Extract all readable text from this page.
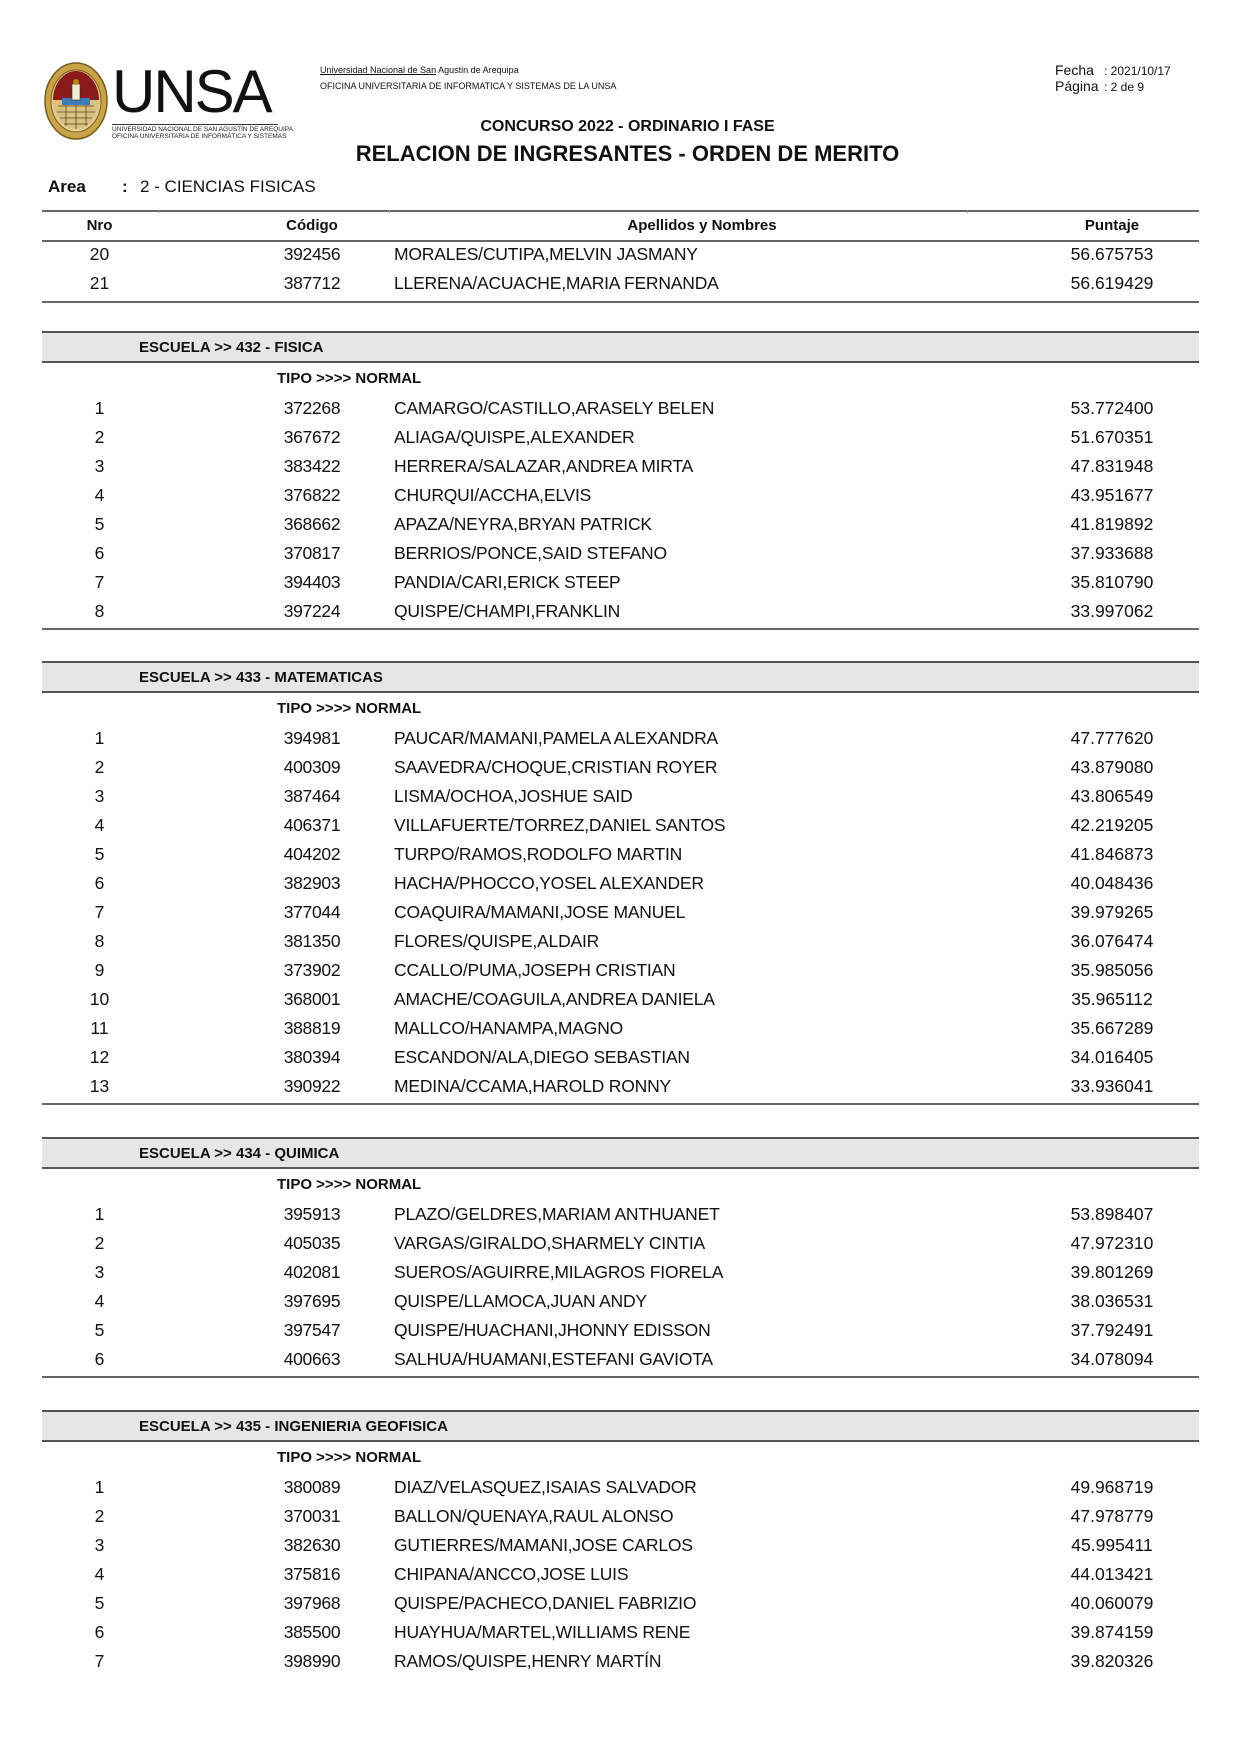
UNSA
UNIVERSIDAD NACIONAL DE SAN AGUSTÍN DE AREQUIPA
OFICINA UNIVERSITARIA DE INFORMÁTICA Y SISTEMAS
Universidad Nacional de San Agustin de Arequipa
OFICINA UNIVERSITARIA DE INFORMATICA Y SISTEMAS DE LA UNSA
Fecha : 2021/10/17
Página : 2 de 9
CONCURSO 2022 - ORDINARIO I FASE
RELACION DE INGRESANTES - ORDEN DE MERITO
Area : 2 - CIENCIAS FISICAS
Nro	Código	Apellidos y Nombres	Puntaje
20	392456	MORALES/CUTIPA,MELVIN JASMANY	56.675753
21	387712	LLERENA/ACUACHE,MARIA FERNANDA	56.619429
ESCUELA >> 432 - FISICA
TIPO >>>> NORMAL
1	372268	CAMARGO/CASTILLO,ARASELY BELEN	53.772400
2	367672	ALIAGA/QUISPE,ALEXANDER	51.670351
3	383422	HERRERA/SALAZAR,ANDREA MIRTA	47.831948
4	376822	CHURQUI/ACCHA,ELVIS	43.951677
5	368662	APAZA/NEYRA,BRYAN PATRICK	41.819892
6	370817	BERRIOS/PONCE,SAID STEFANO	37.933688
7	394403	PANDIA/CARI,ERICK STEEP	35.810790
8	397224	QUISPE/CHAMPI,FRANKLIN	33.997062
ESCUELA >> 433 - MATEMATICAS
TIPO >>>> NORMAL
1	394981	PAUCAR/MAMANI,PAMELA ALEXANDRA	47.777620
2	400309	SAAVEDRA/CHOQUE,CRISTIAN ROYER	43.879080
3	387464	LISMA/OCHOA,JOSHUE SAID	43.806549
4	406371	VILLAFUERTE/TORREZ,DANIEL SANTOS	42.219205
5	404202	TURPO/RAMOS,RODOLFO MARTIN	41.846873
6	382903	HACHA/PHOCCO,YOSEL ALEXANDER	40.048436
7	377044	COAQUIRA/MAMANI,JOSE MANUEL	39.979265
8	381350	FLORES/QUISPE,ALDAIR	36.076474
9	373902	CCALLO/PUMA,JOSEPH CRISTIAN	35.985056
10	368001	AMACHE/COAGUILA,ANDREA DANIELA	35.965112
11	388819	MALLCO/HANAMPA,MAGNO	35.667289
12	380394	ESCANDON/ALA,DIEGO SEBASTIAN	34.016405
13	390922	MEDINA/CCAMA,HAROLD RONNY	33.936041
ESCUELA >> 434 - QUIMICA
TIPO >>>> NORMAL
1	395913	PLAZO/GELDRES,MARIAM ANTHUANET	53.898407
2	405035	VARGAS/GIRALDO,SHARMELY CINTIA	47.972310
3	402081	SUEROS/AGUIRRE,MILAGROS FIORELA	39.801269
4	397695	QUISPE/LLAMOCA,JUAN ANDY	38.036531
5	397547	QUISPE/HUACHANI,JHONNY EDISSON	37.792491
6	400663	SALHUA/HUAMANI,ESTEFANI GAVIOTA	34.078094
ESCUELA >> 435 - INGENIERIA GEOFISICA
TIPO >>>> NORMAL
1	380089	DIAZ/VELASQUEZ,ISAIAS SALVADOR	49.968719
2	370031	BALLON/QUENAYA,RAUL ALONSO	47.978779
3	382630	GUTIERRES/MAMANI,JOSE CARLOS	45.995411
4	375816	CHIPANA/ANCCO,JOSE LUIS	44.013421
5	397968	QUISPE/PACHECO,DANIEL FABRIZIO	40.060079
6	385500	HUAYHUA/MARTEL,WILLIAMS RENE	39.874159
7	398990	RAMOS/QUISPE,HENRY MARTÍN	39.820326
